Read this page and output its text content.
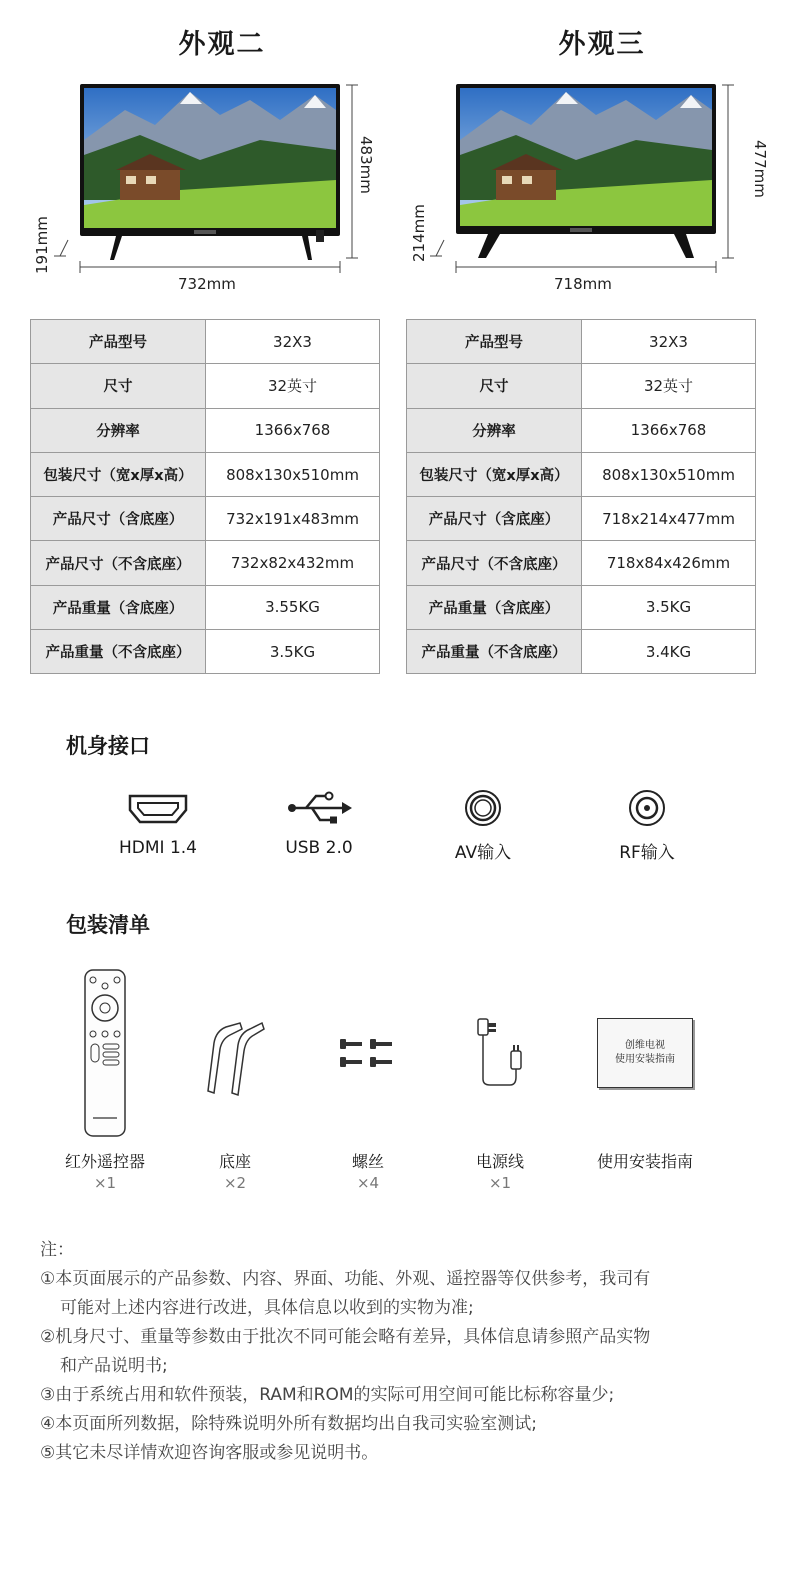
外观二	外观三
732mm
483mm
191mm
718mm
477mm
214mm
产品型号	32X3
尺寸	32英寸
分辨率	1366x768
包装尺寸（宽x厚x高）	808x130x510mm
产品尺寸（含底座）	732x191x483mm
产品尺寸（不含底座）	732x82x432mm
产品重量（含底座）	3.55KG
产品重量（不含底座）	3.5KG
产品型号	32X3
尺寸	32英寸
分辨率	1366x768
包装尺寸（宽x厚x高）	808x130x510mm
产品尺寸（含底座）	718x214x477mm
产品尺寸（不含底座）	718x84x426mm
产品重量（含底座）	3.5KG
产品重量（不含底座）	3.4KG
机身接口
HDMI 1.4	USB 2.0	AV输入	RF输入
包装清单
红外遥控器
×1
底座
×2
螺丝
×4
电源线
×1
创维电视
使用安装指南
使用安装指南
注：
①本页面展示的产品参数、内容、界面、功能、外观、遥控器等仅供参考，我司有
可能对上述内容进行改进，具体信息以收到的实物为准;
②机身尺寸、重量等参数由于批次不同可能会略有差异，具体信息请参照产品实物
和产品说明书;
③由于系统占用和软件预装，RAM和ROM的实际可用空间可能比标称容量少;
④本页面所列数据，除特殊说明外所有数据均出自我司实验室测试;
⑤其它未尽详情欢迎咨询客服或参见说明书。
